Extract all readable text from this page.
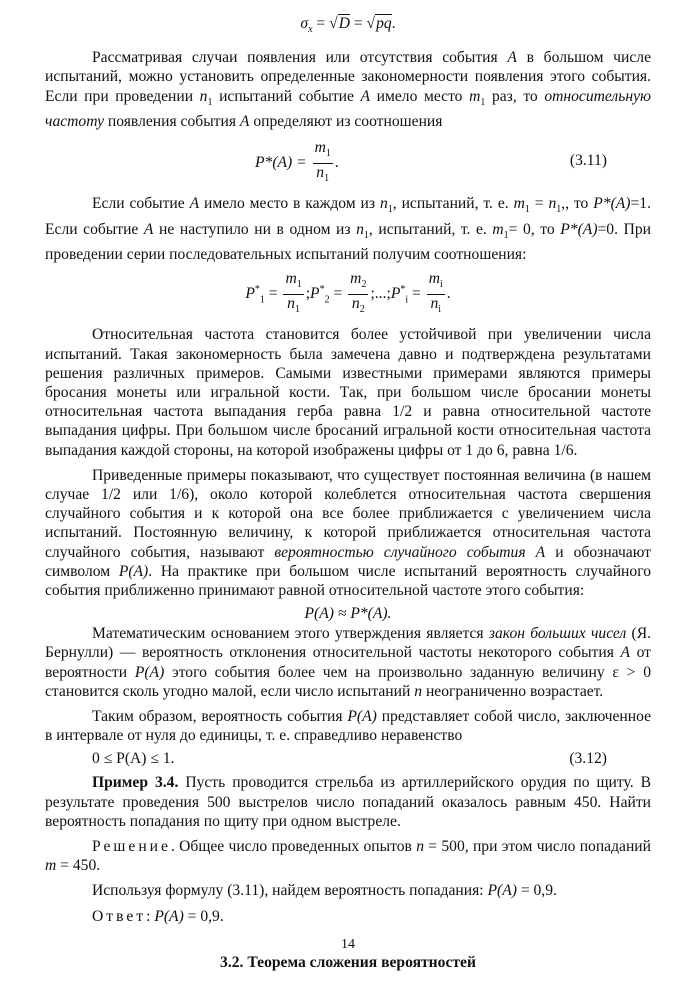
$\sigma_x = √D = √pq$.

Рассматривая случаи появления или отсутствия события A в большом числе испытаний, можно установить определенные закономерности появления этого события. Если при проведении $n_1$ испытаний событие A имело место $m_1$ раз, то относительную частоту появления события A определяют из соотношения

$P*(A) = \frac{m_1}{n_1}$ .	(3.11)

Если событие A имело место в каждом из $n_1$, испытаний, т. е. $m_1 = n_1$,, то P*(A)=1. Если событие A не наступило ни в одном из $n_1$, испытаний, т. е. $m_1= 0$, то P*(A)=0. При проведении серии последовательных испытаний получим соотношения:

$P^*_1 = \frac{m_1}{n_1}$ $;P^*_2 = \frac{m_2}{n_2}$ $;...;P^*_i = \frac{m_i}{n_i}$ .

Относительная частота становится более устойчивой при увеличении числа испытаний. Такая закономерность была замечена давно и подтверждена результатами решения различных примеров. Самыми известными примерами являются примеры бросания монеты или игральной кости. Так, при большом числе бросании монеты относительная частота выпадания герба равна 1/2 и равна относительной частоте выпадания цифры. При большом числе бросаний игральной кости относительная частота выпадания каждой стороны, на которой изображены цифры от 1 до 6, равна 1/6.

Приведенные примеры показывают, что существует постоянная величина (в нашем случае 1/2 или 1/6), около которой колеблется относительная частота свершения случайного события и к которой она все более приближается с увеличением числа испытаний. Постоянную величину, к которой приближается относительная частота случайного события, называют вероятностью случайного события A и обозначают символом P(A). На практике при большом числе испытаний вероятность случайного события приближенно принимают равной относительной частоте этого события:

P(A) ≈ P*(A).

Математическим основанием этого утверждения является закон больших чисел (Я. Бернулли) — вероятность отклонения относительной частоты некоторого события A от вероятности P(A) этого события более чем на произвольно заданную величину ε > 0 становится сколь угодно малой, если число испытаний n неограниченно возрастает.

Таким образом, вероятность события P(A) представляет собой число, заключенное в интервале от нуля до единицы, т. е. справедливо неравенство

0 ≤ P(A) ≤ 1.	(3.12)

Пример 3.4. Пусть проводится стрельба из артиллерийского орудия по щиту. В результате проведения 500 выстрелов число попаданий оказалось равным 450. Найти вероятность попадания по щиту при одном выстреле.

Решение. Общее число проведенных опытов n = 500, при этом число попаданий m = 450.

Используя формулу (3.11), найдем вероятность попадания: P(A) = 0,9.

Ответ: P(A) = 0,9.

3.2. Теорема сложения вероятностей
14
